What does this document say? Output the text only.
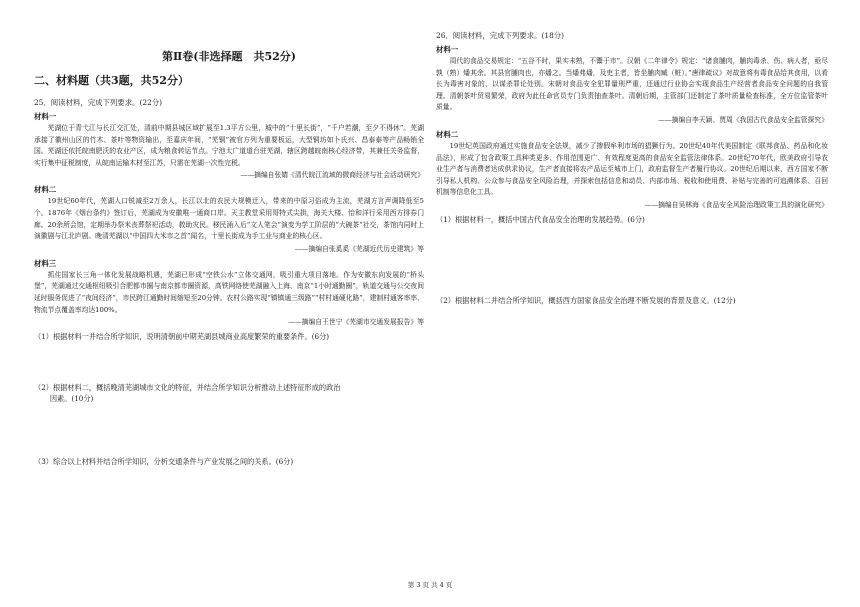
第Ⅱ卷(非选择题　共52分)
二、材料题（共3题，共52分）
25．阅读材料，完成下列要求。(22分)
材料一

芜湖位于青弋江与长江交汇处，清前中期县城区域扩展至1.3平方公里，城中的“十里长街”，“千户若潮，至夕不得休”。芜湖承接了徽州山区的竹木、茶叶等物资输出，至嘉庆年间，“芜铜”被官方列为重要板运，大型铜坊如卜氏兴、昌泰泰等产品畅销全国。芜湖还依托皖南肥沃的农业产区，成为粮食转运节点。宁池太广道道台驻芜湖，辖区跨越皖南核心经济带，其兼任关务监督，实行集中征税制度，从皖南运输木材至江苏，只需在芜湖一次性完税。

——摘编自张婧《清代皖江流域的微商经济与社会活动研究》
材料二

19世纪60年代，芜湖人口锐减至2万余人，长江以北的农民大规模迁入，带来的中原习俗成为主流，芜湖方言声调降低至5个。1876年《烟台条约》签订后，芜湖成为安徽唯一通商口岸。天主教堂采用哥特式尖拱，海关大楼、怡和洋行采用西方排券门廊。20余所会馆，定期举办祭米丧葬祭祀活动，救助灾民。移民涌入后“文人笔会”演变为学工阶层的“大碗茶”社交，茶馆内同时上演徽剧与江北庐剧。晚清芜湖以“中国四大米市之首”闻名，十里长街成为手工业与商业的核心区。

——摘编自张奚奚《芜湖近代历史建筑》等
材料三

抓住国家长三角一体化发展战略机遇，芜湖已形成“空铁公水”立体交通网，吸引重大项目落地。作为安徽东向发展的“桥头堡”，芜湖通过交通枢纽吸引合肥都市圈与南京都市圈资源，高铁网络使芜湖融入上海、南京“1小时通勤圈”，轨道交通与公交夜间延时服务促进了“夜间经济”，市民跨江通勤时间缩短至20分钟。农村公路实现“镇镇通三级路”“村村通硬化路”，建制村通客率率、物流节点覆盖率均达100%。

——摘编自王世宁《芜湖市交通发展报告》等

（1）根据材料一并结合所学知识，说明清朝前中期芜湖县城商业高度繁荣的重要条件。(6分)

（2）根据材料二，概括晚清芜湖城市文化的特征，并结合所学知识分析推动上述特征形成的政治

因素。(10分)

（3）综合以上材料并结合所学知识，分析交通条件与产业发展之间的关系。(6分)

26．阅读材料，完成下列要求。(18分)
材料一

周代的食品交易规定：“五谷不时，果实未熟，不鬻于市”。汉朝《二年律令》规定：“诸食脯肉，脯肉毒杀、伤、病人者，亟尽孰（熟）燔其余。其县官脯肉也，亦燔之。当燔弗燔，及吏主者，皆坐脯肉臧（赃）。”唐律疏议》对故意将有毒食品给其食用，以肴长为毒害对象的，以谋杀罪论处别。宋朝对食品安全犯罪量刑严重，还通过行业协会实现食品生产经营者食品安全问题的自我管理。清朝茶叶贸易繁荣，政府为此任命官员专门负责抽查茶叶。清朝后期，主管部门还制定了茶叶质量检查标准，全方位监管茶叶质量。

——摘编自李天颖、贾周《我国古代食品安全监管探究》
材料二

19世纪英国政府通过实施食品安全法规，减少了掺假牟利市场的猖獗行为。20世纪40年代美国制定《联邦食品、药品和化妆品法》，形成了包含政策工具种类更多、作用范围更广、有效程度更高的食品安全监管法律体系。20世纪70年代，欧美政府引导农业生产者与消费者达成供求协议，生产者直接将农产品运至城市上门，政府监督生产者履行协议。20世纪后期以来，西方国家不断引导私人机构、公众参与食品安全风险治理，并探索包括信息和动员、内部市场、税收和使用费、补贴与完善的可追溯体系、召回机制等信息化工具。

——摘编自吴林海《食品安全风险治理政策工具的演化研究》

（1）根据材料一，概括中国古代食品安全治理的发展趋势。(6分)

（2）根据材料二并结合所学知识，概括西方国家食品安全治理不断发展的背景及意义。(12分)

第 3 页 共 4 页
